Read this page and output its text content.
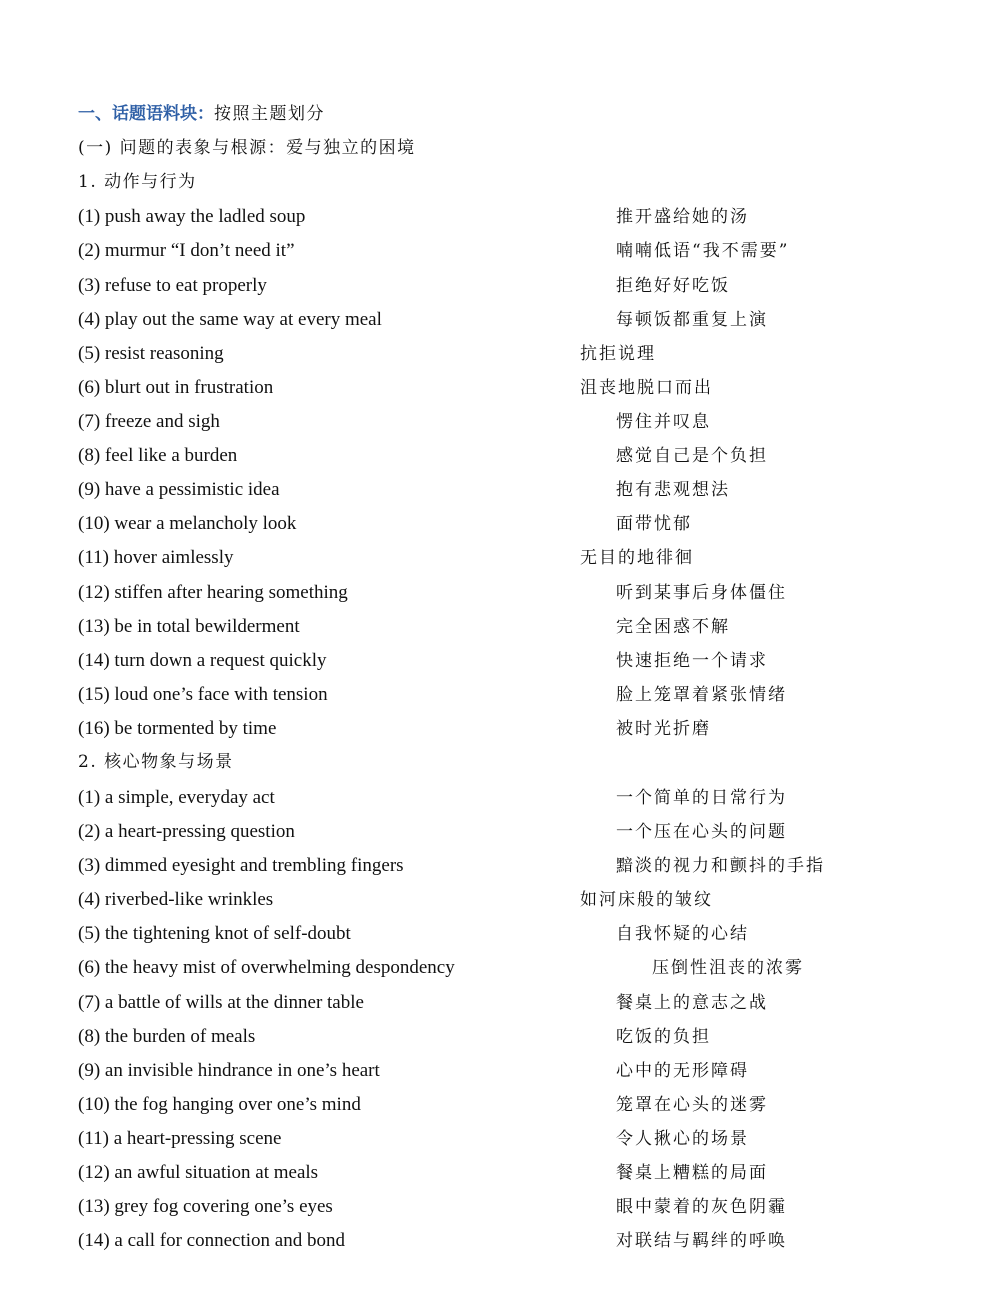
一、话题语料块：按照主题划分
(一) 问题的表象与根源：爱与独立的困境
1. 动作与行为
(1) push away the ladled soup	推开盛给她的汤
(2) murmur “I don’t need it”	喃喃低语“我不需要”
(3) refuse to eat properly	拒绝好好吃饭
(4) play out the same way at every meal	每顿饭都重复上演
(5) resist reasoning	抗拒说理
(6) blurt out in frustration	沮丧地脱口而出
(7) freeze and sigh	愣住并叹息
(8) feel like a burden	感觉自己是个负担
(9) have a pessimistic idea	抱有悲观想法
(10) wear a melancholy look	面带忧郁
(11) hover aimlessly	无目的地徘徊
(12) stiffen after hearing something	听到某事后身体僵住
(13) be in total bewilderment	完全困惑不解
(14) turn down a request quickly	快速拒绝一个请求
(15) loud one’s face with tension	脸上笼罩着紧张情绪
(16) be tormented by time	被时光折磨
2. 核心物象与场景
(1) a simple, everyday act	一个简单的日常行为
(2) a heart-pressing question	一个压在心头的问题
(3) dimmed eyesight and trembling fingers	黯淡的视力和颤抖的手指
(4) riverbed-like wrinkles	如河床般的皱纹
(5) the tightening knot of self-doubt	自我怀疑的心结
(6) the heavy mist of overwhelming despondency	压倒性沮丧的浓雾
(7) a battle of wills at the dinner table	餐桌上的意志之战
(8) the burden of meals	吃饭的负担
(9) an invisible hindrance in one’s heart	心中的无形障碍
(10) the fog hanging over one’s mind	笼罩在心头的迷雾
(11) a heart-pressing scene	令人揪心的场景
(12) an awful situation at meals	餐桌上糟糕的局面
(13) grey fog covering one’s eyes	眼中蒙着的灰色阴霾
(14) a call for connection and bond	对联结与羁绊的呼唤
